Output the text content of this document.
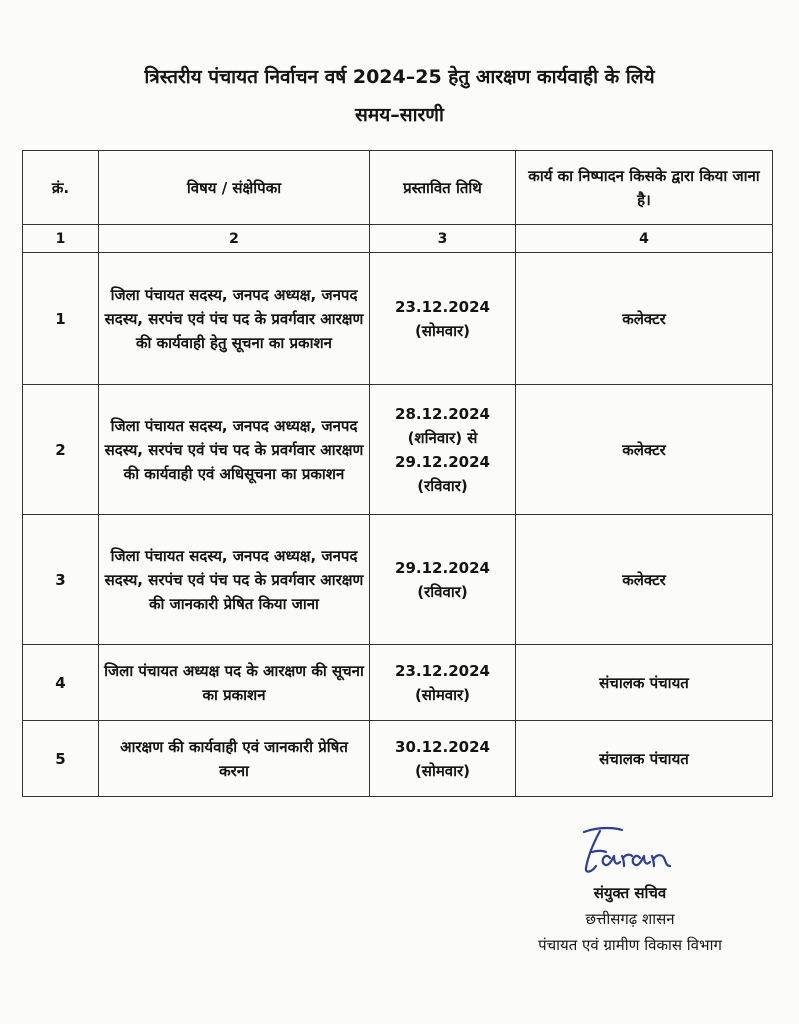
त्रिस्तरीय पंचायत निर्वाचन वर्ष 2024–25 हेतु आरक्षण कार्यवाही के लिये
समय–सारणी
क्रं.	विषय / संक्षेपिका	प्रस्तावित तिथि	कार्य का निष्पादन किसके द्वारा किया जाना है।
1	2	3	4
1	जिला पंचायत सदस्य, जनपद अध्यक्ष, जनपद सदस्य, सरपंच एवं पंच पद के प्रवर्गवार आरक्षण की कार्यवाही हेतु सूचना का प्रकाशन	23.12.2024
(सोमवार)	कलेक्टर
2	जिला पंचायत सदस्य, जनपद अध्यक्ष, जनपद सदस्य, सरपंच एवं पंच पद के प्रवर्गवार आरक्षण की कार्यवाही एवं अधिसूचना का प्रकाशन	28.12.2024
(शनिवार) से
29.12.2024
(रविवार)	कलेक्टर
3	जिला पंचायत सदस्य, जनपद अध्यक्ष, जनपद सदस्य, सरपंच एवं पंच पद के प्रवर्गवार आरक्षण की जानकारी प्रेषित किया जाना	29.12.2024
(रविवार)	कलेक्टर
4	जिला पंचायत अध्यक्ष पद के आरक्षण की सूचना का प्रकाशन	23.12.2024
(सोमवार)	संचालक पंचायत
5	आरक्षण की कार्यवाही एवं जानकारी प्रेषित करना	30.12.2024
(सोमवार)	संचालक पंचायत
संयुक्त सचिव
छत्तीसगढ़ शासन
पंचायत एवं ग्रामीण विकास विभाग
